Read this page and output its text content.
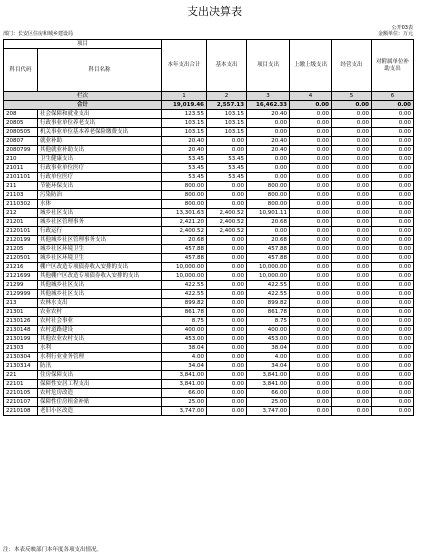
支出决算表
公开03表
部门：长安区住房和城乡建设局	金额单位：万元
项目		本年支出合计	基本支出	项目支出	上缴上级支出	经营支出	对附属单位补助支出
科目代码	科目名称						

栏次		1	2	3	4	5	6
合计		19,019.46	2,557.13	16,462.33	0.00	0.00	0.00
208	社会保障和就业支出	123.55	103.15	20.40	0.00	0.00	0.00
20805	行政事业单位养老支出	103.15	103.15	0.00	0.00	0.00	0.00
2080505	机关事业单位基本养老保险缴费支出	103.15	103.15	0.00	0.00	0.00	0.00
20807	就业补助	20.40	0.00	20.40	0.00	0.00	0.00
2080799	其他就业补助支出	20.40	0.00	20.40	0.00	0.00	0.00
210	卫生健康支出	53.45	53.45	0.00	0.00	0.00	0.00
21011	行政事业单位医疗	53.45	53.45	0.00	0.00	0.00	0.00
2101101	行政单位医疗	53.45	53.45	0.00	0.00	0.00	0.00
211	节能环保支出	800.00	0.00	800.00	0.00	0.00	0.00
21103	污染防治	800.00	0.00	800.00	0.00	0.00	0.00
2110302	水体	800.00	0.00	800.00	0.00	0.00	0.00
212	城乡社区支出	13,301.63	2,400.52	10,901.11	0.00	0.00	0.00
21201	城乡社区管理事务	2,421.20	2,400.52	20.68	0.00	0.00	0.00
2120101	行政运行	2,400.52	2,400.52	0.00	0.00	0.00	0.00
2120199	其他城乡社区管理事务支出	20.68	0.00	20.68	0.00	0.00	0.00
21205	城乡社区环境卫生	457.88	0.00	457.88	0.00	0.00	0.00
2120501	城乡社区环境卫生	457.88	0.00	457.88	0.00	0.00	0.00
21216	棚户区改造专项债券收入安排的支出	10,000.00	0.00	10,000.00	0.00	0.00	0.00
2121699	其他棚户区改造专项债券收入安排的支出	10,000.00	0.00	10,000.00	0.00	0.00	0.00
21299	其他城乡社区支出	422.55	0.00	422.55	0.00	0.00	0.00
2129999	其他城乡社区支出	422.55	0.00	422.55	0.00	0.00	0.00
213	农林水支出	899.82	0.00	899.82	0.00	0.00	0.00
21301	农业农村	861.78	0.00	861.78	0.00	0.00	0.00
2130126	农村社会事业	8.75	0.00	8.75	0.00	0.00	0.00
2130148	农村道路建设	400.00	0.00	400.00	0.00	0.00	0.00
2130199	其他农业农村支出	453.00	0.00	453.00	0.00	0.00	0.00
21303	水利	38.04	0.00	38.04	0.00	0.00	0.00
2130304	水利行业业务管理	4.00	0.00	4.00	0.00	0.00	0.00
2130314	防汛	34.04	0.00	34.04	0.00	0.00	0.00
221	住房保障支出	3,841.00	0.00	3,841.00	0.00	0.00	0.00
22101	保障性安居工程支出	3,841.00	0.00	3,841.00	0.00	0.00	0.00
2210105	农村危房改造	66.00	0.00	66.00	0.00	0.00	0.00
2210107	保障性住房租金补贴	25.00	0.00	25.00	0.00	0.00	0.00
2210108	老旧小区改造	3,747.00	0.00	3,747.00	0.00	0.00	0.00
注：本表反映部门本年度各项支出情况。
